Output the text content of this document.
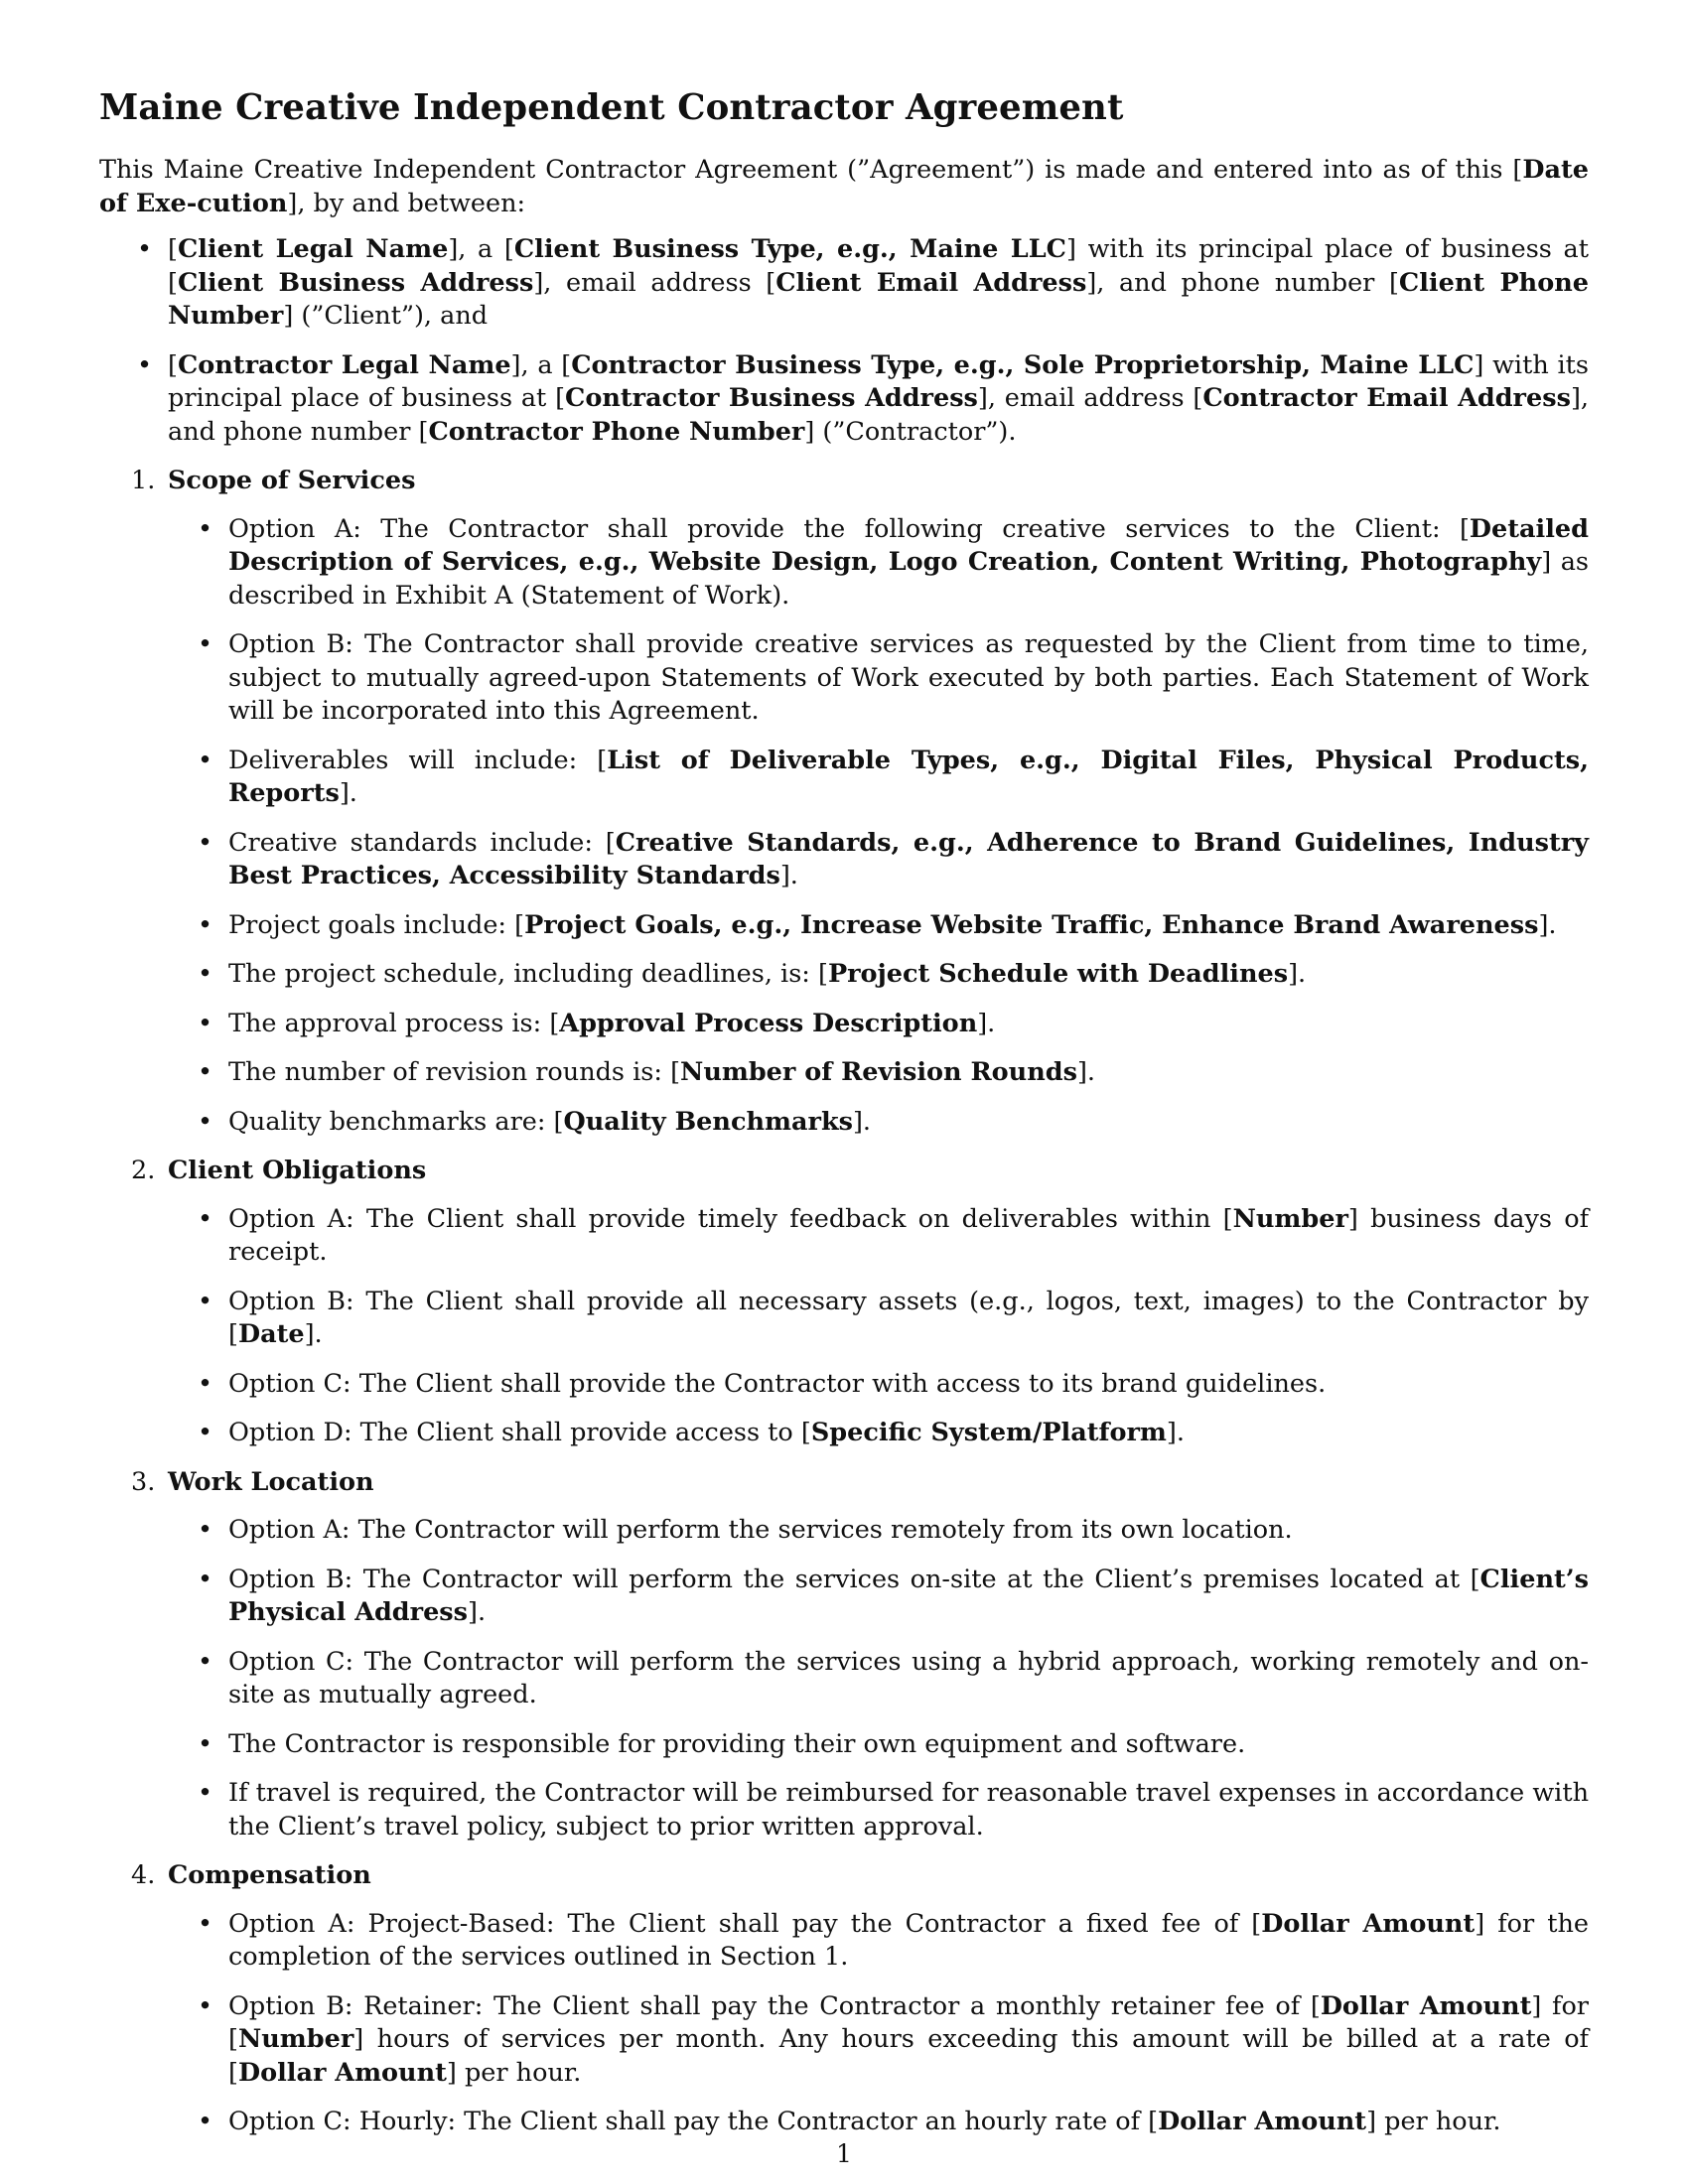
Maine Creative Independent Contractor Agreement

This Maine Creative Independent Contractor Agreement (”Agreement”) is made and entered into as of this [Date of Exe-cution], by and between:

• [Client Legal Name], a [Client Business Type, e.g., Maine LLC] with its principal place of business at [Client Business Address], email address [Client Email Address], and phone number [Client Phone Number] (”Client”), and
• [Contractor Legal Name], a [Contractor Business Type, e.g., Sole Proprietorship, Maine LLC] with its principal place of business at [Contractor Business Address], email address [Contractor Email Address], and phone number [Contractor Phone Number] (”Contractor”).
1. Scope of Services
• Option A: The Contractor shall provide the following creative services to the Client: [Detailed Description of Services, e.g., Website Design, Logo Creation, Content Writing, Photography] as described in Exhibit A (Statement of Work).
• Option B: The Contractor shall provide creative services as requested by the Client from time to time, subject to mutually agreed-upon Statements of Work executed by both parties. Each Statement of Work will be incorporated into this Agreement.
• Deliverables will include: [List of Deliverable Types, e.g., Digital Files, Physical Products, Reports].
• Creative standards include: [Creative Standards, e.g., Adherence to Brand Guidelines, Industry Best Practices, Accessibility Standards].
• Project goals include: [Project Goals, e.g., Increase Website Traffic, Enhance Brand Awareness].
• The project schedule, including deadlines, is: [Project Schedule with Deadlines].
• The approval process is: [Approval Process Description].
• The number of revision rounds is: [Number of Revision Rounds].
• Quality benchmarks are: [Quality Benchmarks].
2. Client Obligations
• Option A: The Client shall provide timely feedback on deliverables within [Number] business days of receipt.
• Option B: The Client shall provide all necessary assets (e.g., logos, text, images) to the Contractor by [Date].
• Option C: The Client shall provide the Contractor with access to its brand guidelines.
• Option D: The Client shall provide access to [Specific System/Platform].
3. Work Location
• Option A: The Contractor will perform the services remotely from its own location.
• Option B: The Contractor will perform the services on-site at the Client’s premises located at [Client’s Physical Address].
• Option C: The Contractor will perform the services using a hybrid approach, working remotely and on-site as mutually agreed.
• The Contractor is responsible for providing their own equipment and software.
• If travel is required, the Contractor will be reimbursed for reasonable travel expenses in accordance with the Client’s travel policy, subject to prior written approval.
4. Compensation
• Option A: Project-Based: The Client shall pay the Contractor a fixed fee of [Dollar Amount] for the completion of the services outlined in Section 1.
• Option B: Retainer: The Client shall pay the Contractor a monthly retainer fee of [Dollar Amount] for [Number] hours of services per month. Any hours exceeding this amount will be billed at a rate of [Dollar Amount] per hour.
• Option C: Hourly: The Client shall pay the Contractor an hourly rate of [Dollar Amount] per hour.
1
